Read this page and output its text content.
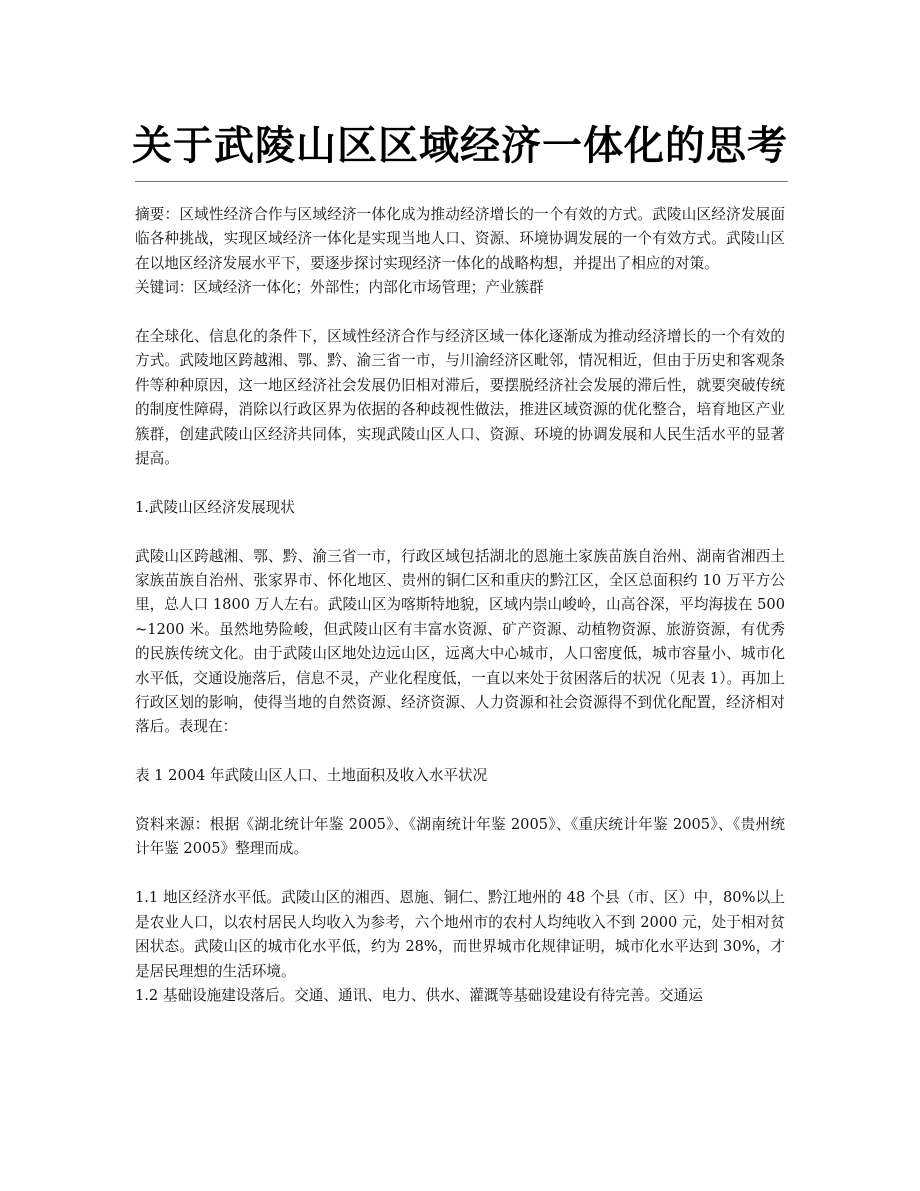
关于武陵山区区域经济一体化的思考

摘要：区域性经济合作与区域经济一体化成为推动经济增长的一个有效的方式。武陵山区经济发展面临各种挑战，实现区域经济一体化是实现当地人口、资源、环境协调发展的一个有效方式。武陵山区在以地区经济发展水平下，要逐步探讨实现经济一体化的战略构想，并提出了相应的对策。

关键词：区域经济一体化；外部性；内部化市场管理；产业簇群

在全球化、信息化的条件下，区域性经济合作与经济区域一体化逐渐成为推动经济增长的一个有效的方式。武陵地区跨越湘、鄂、黔、渝三省一市，与川渝经济区毗邻，情况相近，但由于历史和客观条件等种种原因，这一地区经济社会发展仍旧相对滞后，要摆脱经济社会发展的滞后性，就要突破传统的制度性障碍，消除以行政区界为依据的各种歧视性做法，推进区域资源的优化整合，培育地区产业簇群，创建武陵山区经济共同体，实现武陵山区人口、资源、环境的协调发展和人民生活水平的显著提高。

1.武陵山区经济发展现状

武陵山区跨越湘、鄂、黔、渝三省一市，行政区域包括湖北的恩施土家族苗族自治州、湖南省湘西土家族苗族自治州、张家界市、怀化地区、贵州的铜仁区和重庆的黔江区，全区总面积约 10 万平方公里，总人口 1800 万人左右。武陵山区为喀斯特地貌，区域内崇山峻岭，山高谷深，平均海拔在 500~1200 米。虽然地势险峻，但武陵山区有丰富水资源、矿产资源、动植物资源、旅游资源，有优秀的民族传统文化。由于武陵山区地处边远山区，远离大中心城市，人口密度低，城市容量小、城市化水平低，交通设施落后，信息不灵，产业化程度低，一直以来处于贫困落后的状况（见表 1）。再加上行政区划的影响，使得当地的自然资源、经济资源、人力资源和社会资源得不到优化配置，经济相对落后。表现在：

表 1 2004 年武陵山区人口、土地面积及收入水平状况

资料来源：根据《湖北统计年鉴 2005》、《湖南统计年鉴 2005》、《重庆统计年鉴 2005》、《贵州统计年鉴 2005》整理而成。

1.1 地区经济水平低。武陵山区的湘西、恩施、铜仁、黔江地州的 48 个县（市、区）中，80%以上是农业人口，以农村居民人均收入为参考，六个地州市的农村人均纯收入不到 2000 元，处于相对贫困状态。武陵山区的城市化水平低，约为 28%，而世界城市化规律证明，城市化水平达到 30%，才是居民理想的生活环境。

1.2 基础设施建设落后。交通、通讯、电力、供水、灌溉等基础设建设有待完善。交通运
